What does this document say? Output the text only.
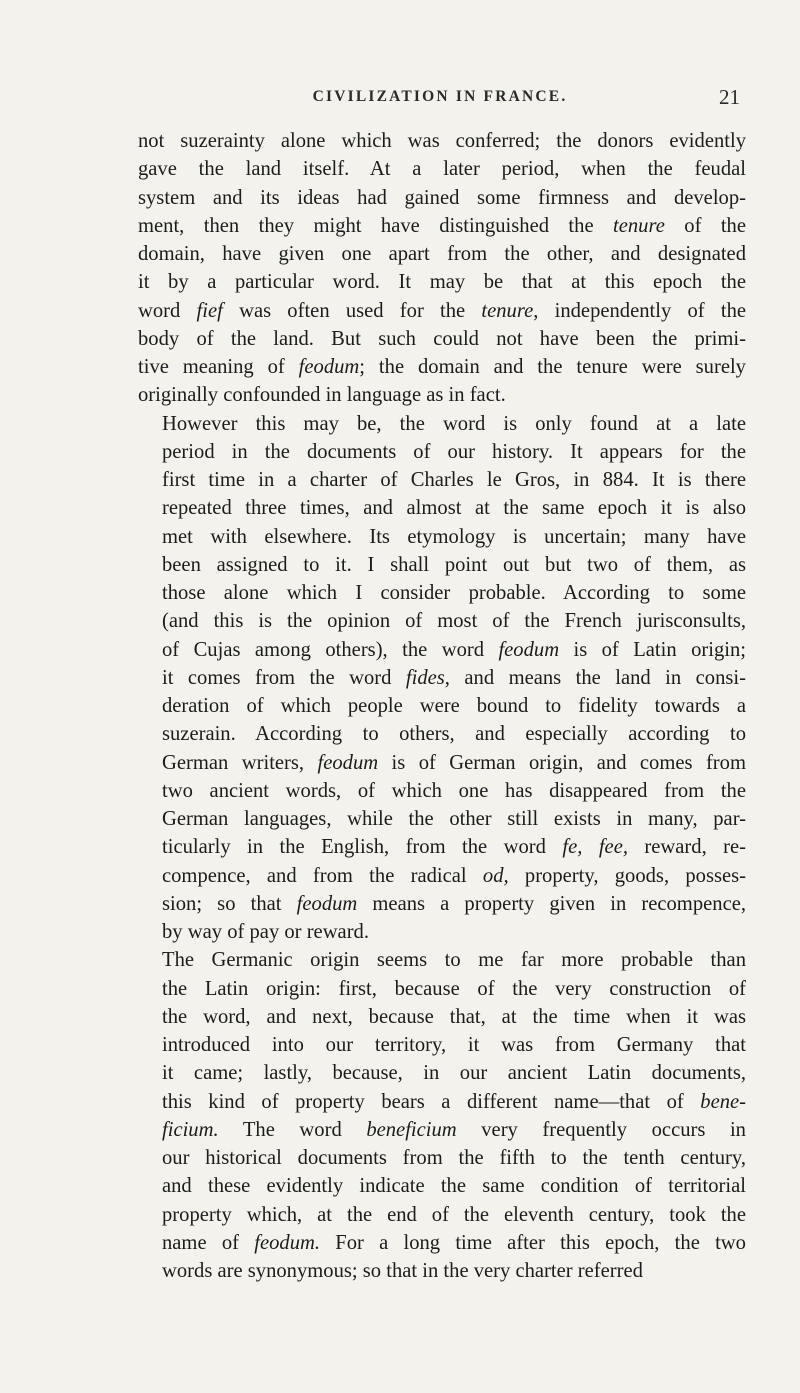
CIVILIZATION IN FRANCE.	21

not suzerainty alone which was conferred; the donors evidently
gave the land itself. At a later period, when the feudal
system and its ideas had gained some firmness and develop-
ment, then they might have distinguished the tenure of the
domain, have given one apart from the other, and designated
it by a particular word. It may be that at this epoch the
word fief was often used for the tenure, independently of the
body of the land. But such could not have been the primi-
tive meaning of feodum; the domain and the tenure were surely
originally confounded in language as in fact.

However this may be, the word is only found at a late
period in the documents of our history. It appears for the
first time in a charter of Charles le Gros, in 884. It is there
repeated three times, and almost at the same epoch it is also
met with elsewhere. Its etymology is uncertain; many have
been assigned to it. I shall point out but two of them, as
those alone which I consider probable. According to some
(and this is the opinion of most of the French jurisconsults,
of Cujas among others), the word feodum is of Latin origin;
it comes from the word fides, and means the land in consi-
deration of which people were bound to fidelity towards a
suzerain. According to others, and especially according to
German writers, feodum is of German origin, and comes from
two ancient words, of which one has disappeared from the
German languages, while the other still exists in many, par-
ticularly in the English, from the word fe, fee, reward, re-
compence, and from the radical od, property, goods, posses-
sion; so that feodum means a property given in recompence,
by way of pay or reward.

The Germanic origin seems to me far more probable than
the Latin origin: first, because of the very construction of
the word, and next, because that, at the time when it was
introduced into our territory, it was from Germany that
it came; lastly, because, in our ancient Latin documents,
this kind of property bears a different name—that of bene-
ficium. The word beneficium very frequently occurs in
our historical documents from the fifth to the tenth century,
and these evidently indicate the same condition of territorial
property which, at the end of the eleventh century, took the
name of feodum. For a long time after this epoch, the two
words are synonymous; so that in the very charter referred
